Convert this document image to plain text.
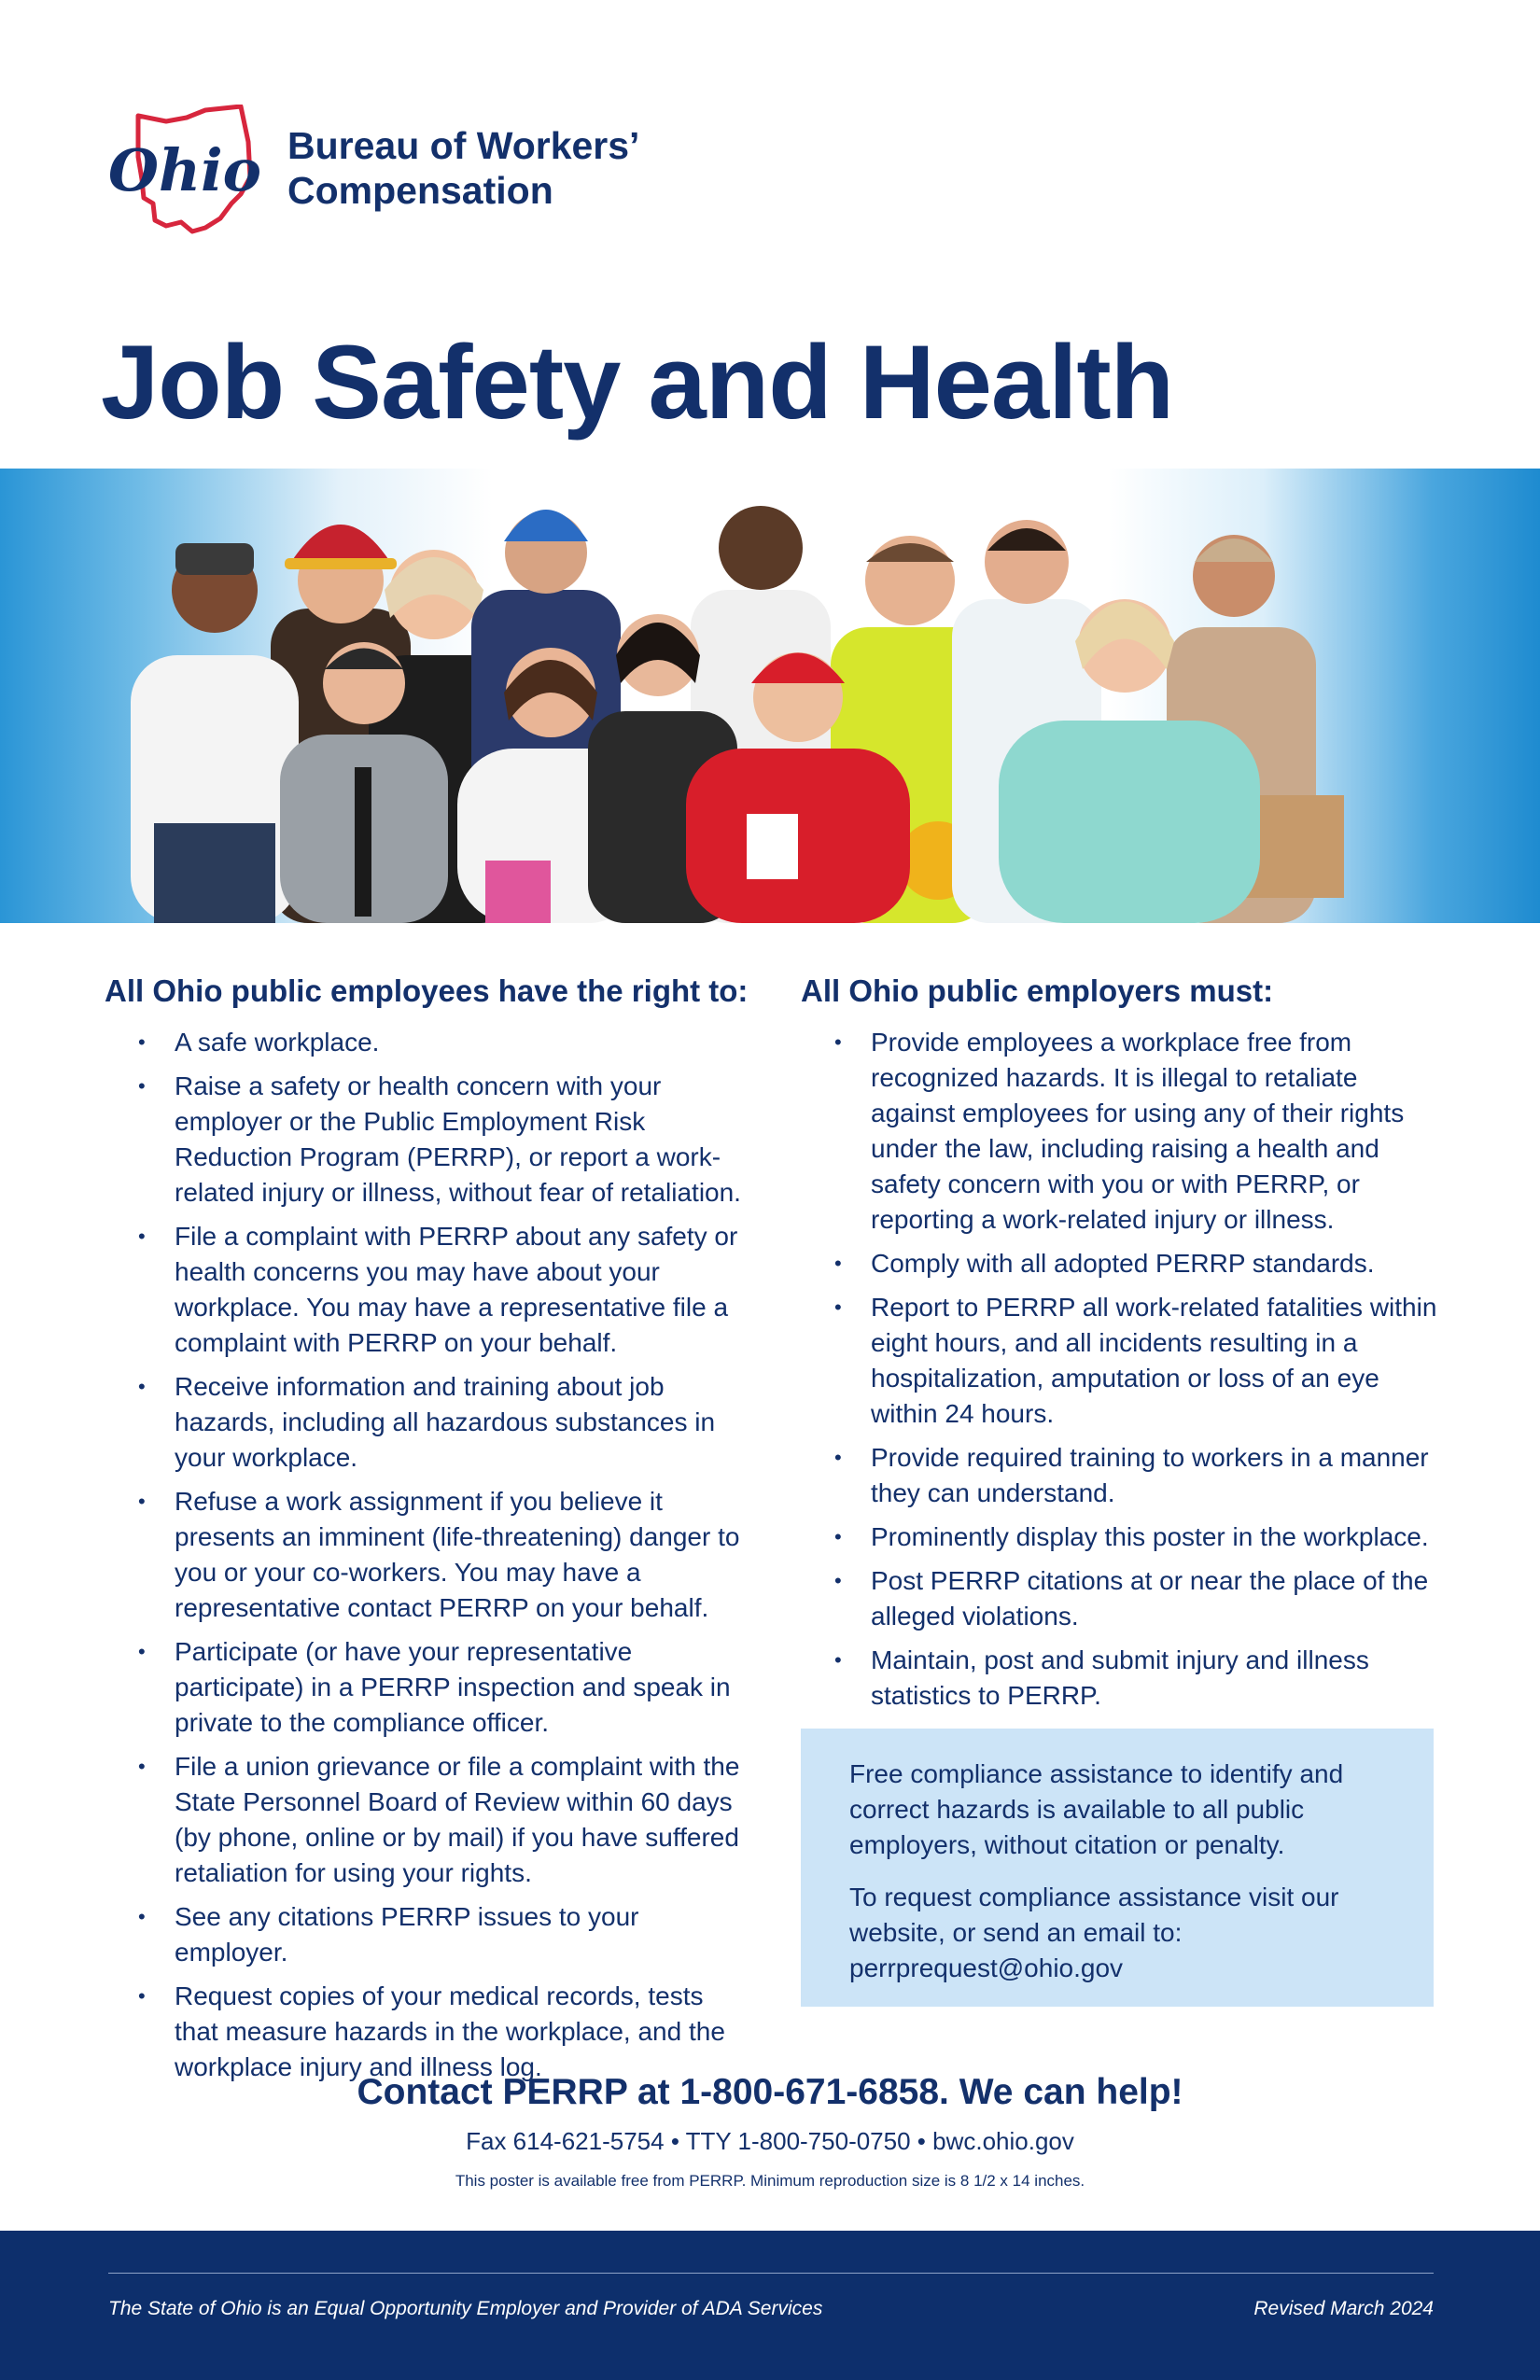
Ohio Bureau of Workers’
Compensation
Job Safety and Health
All Ohio public employees have the right to:
• A safe workplace.
• Raise a safety or health concern with your employer or the Public Employment Risk Reduction Program (PERRP), or report a work-related injury or illness, without fear of retaliation.
• File a complaint with PERRP about any safety or health concerns you may have about your workplace. You may have a representative file a complaint with PERRP on your behalf.
• Receive information and training about job hazards, including all hazardous substances in your workplace.
• Refuse a work assignment if you believe it presents an imminent (life-threatening) danger to you or your co-workers. You may have a representative contact PERRP on your behalf.
• Participate (or have your representative participate) in a PERRP inspection and speak in private to the compliance officer.
• File a union grievance or file a complaint with the State Personnel Board of Review within 60 days (by phone, online or by mail) if you have suffered retaliation for using your rights.
• See any citations PERRP issues to your employer.
• Request copies of your medical records, tests that measure hazards in the workplace, and the workplace injury and illness log.
All Ohio public employers must:
• Provide employees a workplace free from recognized hazards. It is illegal to retaliate against employees for using any of their rights under the law, including raising a health and safety concern with you or with PERRP, or reporting a work-related injury or illness.
• Comply with all adopted PERRP standards.
• Report to PERRP all work-related fatalities within eight hours, and all incidents resulting in a hospitalization, amputation or loss of an eye within 24 hours.
• Provide required training to workers in a manner they can understand.
• Prominently display this poster in the workplace.
• Post PERRP citations at or near the place of the alleged violations.
• Maintain, post and submit injury and illness statistics to PERRP.

Free compliance assistance to identify and correct hazards is available to all public employers, without citation or penalty.

To request compliance assistance visit our website, or send an email to: perrprequest@ohio.gov

Contact PERRP at 1-800-671-6858. We can help!
Fax 614-621-5754 • TTY 1-800-750-0750 • bwc.ohio.gov
This poster is available free from PERRP. Minimum reproduction size is 8 1/2 x 14 inches.
The State of Ohio is an Equal Opportunity Employer and Provider of ADA Services	Revised March 2024
